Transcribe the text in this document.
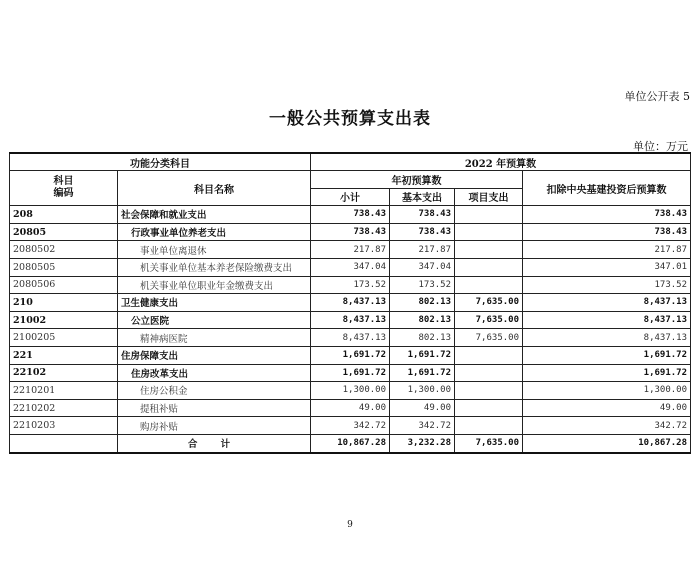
单位公开表 5
一般公共预算支出表
单位：万元
功能分类科目		2022 年预算数			
科目
编码	科目名称	年初预算数			扣除中央基建投资后预算数
		小计	基本支出	项目支出	
208	社会保障和就业支出	738.43	738.43		738.43
20805	行政事业单位养老支出	738.43	738.43		738.43
2080502	事业单位离退休	217.87	217.87		217.87
2080505	机关事业单位基本养老保险缴费支出	347.04	347.04		347.01
2080506	机关事业单位职业年金缴费支出	173.52	173.52		173.52
210	卫生健康支出	8,437.13	802.13	7,635.00	8,437.13
21002	公立医院	8,437.13	802.13	7,635.00	8,437.13
2100205	精神病医院	8,437.13	802.13	7,635.00	8,437.13
221	住房保障支出	1,691.72	1,691.72		1,691.72
22102	住房改革支出	1,691.72	1,691.72		1,691.72
2210201	住房公积金	1,300.00	1,300.00		1,300.00
2210202	提租补贴	49.00	49.00		49.00
2210203	购房补贴	342.72	342.72		342.72
	合 计	10,867.28	3,232.28	7,635.00	10,867.28
9
